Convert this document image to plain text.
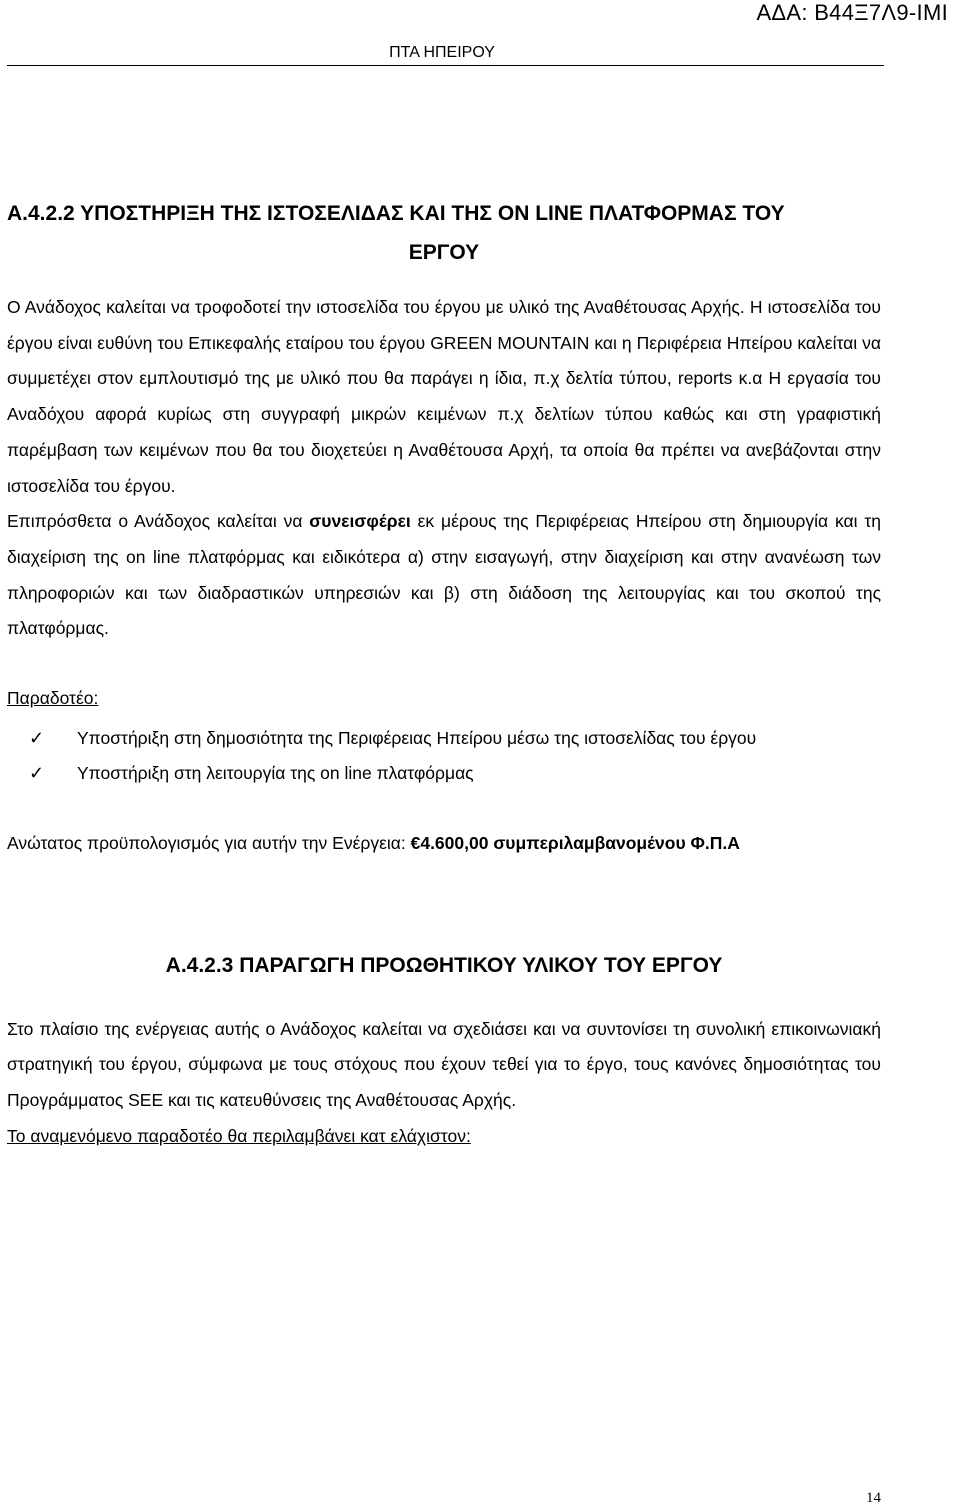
ΑΔΑ: Β44Ξ7Λ9-ΙΜΙ
ΠΤΑ ΗΠΕΙΡΟΥ
Α.4.2.2 ΥΠΟΣΤΗΡΙΞΗ ΤΗΣ ΙΣΤΟΣΕΛΙΔΑΣ ΚΑΙ ΤΗΣ ΟΝ LINE ΠΛΑΤΦΟΡΜΑΣ ΤΟΥ
ΕΡΓΟΥ

Ο Ανάδοχος καλείται να τροφοδοτεί την ιστοσελίδα του έργου με υλικό της Αναθέτουσας Αρχής. Η ιστοσελίδα του έργου είναι ευθύνη του Επικεφαλής εταίρου του έργου GREEN MOUNTAIN και η Περιφέρεια Ηπείρου καλείται να συμμετέχει στον εμπλουτισμό της με υλικό που θα παράγει η ίδια, π.χ δελτία τύπου, reports κ.α Η εργασία του Αναδόχου αφορά κυρίως στη συγγραφή μικρών κειμένων π.χ δελτίων τύπου καθώς και στη γραφιστική παρέμβαση των κειμένων που θα του διοχετεύει η Αναθέτουσα Αρχή, τα οποία θα πρέπει να ανεβάζονται στην ιστοσελίδα του έργου.

Επιπρόσθετα ο Ανάδοχος καλείται να συνεισφέρει εκ μέρους της Περιφέρειας Ηπείρου στη δημιουργία και τη διαχείριση της on line πλατφόρμας και ειδικότερα α) στην εισαγωγή, στην διαχείριση και στην ανανέωση των πληροφοριών και των διαδραστικών υπηρεσιών και β) στη διάδοση της λειτουργίας και του σκοπού της πλατφόρμας.

Παραδοτέο:

✓ Υποστήριξη στη δημοσιότητα της Περιφέρειας Ηπείρου μέσω της ιστοσελίδας του έργου
✓ Υποστήριξη στη λειτουργία της on line πλατφόρμας

Ανώτατος προϋπολογισμός για αυτήν την Ενέργεια: €4.600,00 συμπεριλαμβανομένου Φ.Π.Α

Α.4.2.3 ΠΑΡΑΓΩΓΗ ΠΡΟΩΘΗΤΙΚΟΥ ΥΛΙΚΟΥ ΤΟΥ ΕΡΓΟΥ

Στο πλαίσιο της ενέργειας αυτής ο Ανάδοχος καλείται να σχεδιάσει και να συντονίσει τη συνολική επικοινωνιακή στρατηγική του έργου, σύμφωνα με τους στόχους που έχουν τεθεί για το έργο, τους κανόνες δημοσιότητας του Προγράμματος SEE και τις κατευθύνσεις της Αναθέτουσας Αρχής.

Το αναμενόμενο παραδοτέο θα περιλαμβάνει κατ ελάχιστον:

14
